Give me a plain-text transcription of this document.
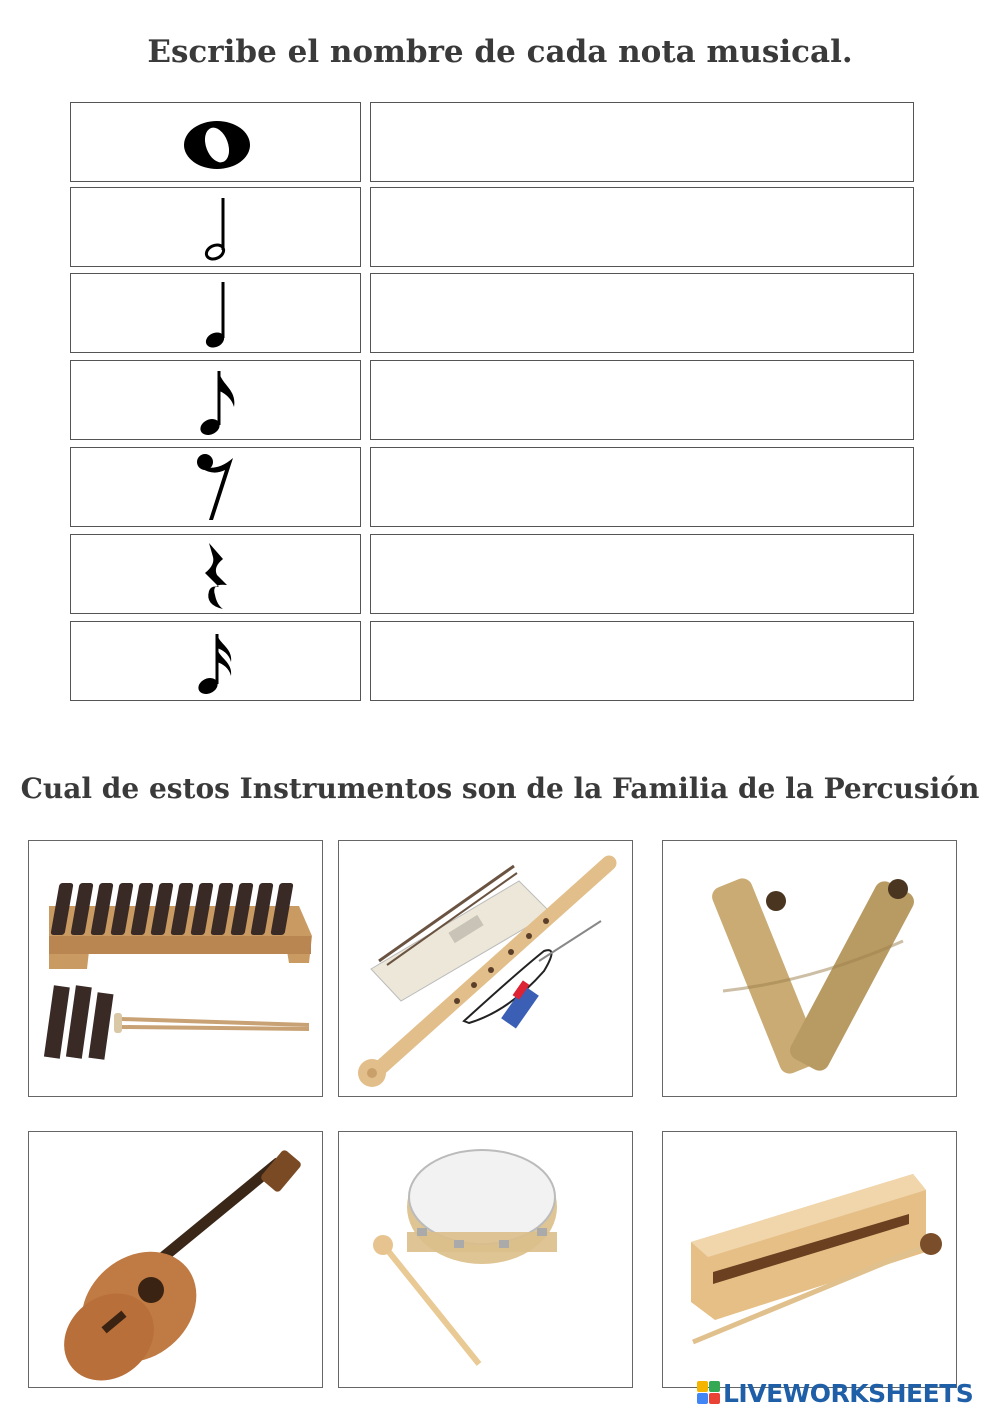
Escribe el nombre de cada nota musical.
Cual de estos Instrumentos son de la Familia de la Percusión
LIVEWORKSHEETS
